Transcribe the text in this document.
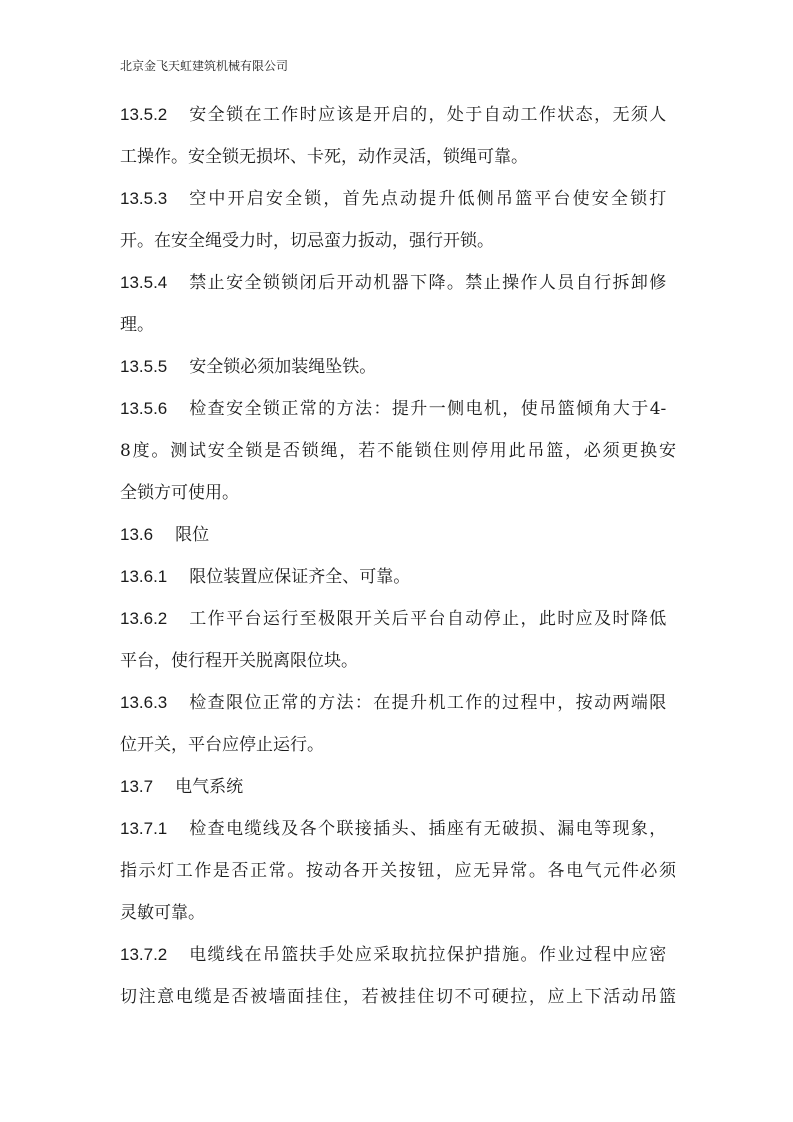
北京金飞天虹建筑机械有限公司
13.5.2 安全锁在工作时应该是开启的，处于自动工作状态，无须人
工操作。安全锁无损坏、卡死，动作灵活，锁绳可靠。
13.5.3 空中开启安全锁，首先点动提升低侧吊篮平台使安全锁打
开。在安全绳受力时，切忌蛮力扳动，强行开锁。
13.5.4 禁止安全锁锁闭后开动机器下降。禁止操作人员自行拆卸修
理。
13.5.5 安全锁必须加装绳坠铁。
13.5.6 检查安全锁正常的方法：提升一侧电机，使吊篮倾角大于4-
8度。测试安全锁是否锁绳，若不能锁住则停用此吊篮，必须更换安
全锁方可使用。
13.6 限位
13.6.1 限位装置应保证齐全、可靠。
13.6.2 工作平台运行至极限开关后平台自动停止，此时应及时降低
平台，使行程开关脱离限位块。
13.6.3 检查限位正常的方法：在提升机工作的过程中，按动两端限
位开关，平台应停止运行。
13.7 电气系统
13.7.1 检查电缆线及各个联接插头、插座有无破损、漏电等现象，
指示灯工作是否正常。按动各开关按钮，应无异常。各电气元件必须
灵敏可靠。
13.7.2 电缆线在吊篮扶手处应采取抗拉保护措施。作业过程中应密
切注意电缆是否被墙面挂住，若被挂住切不可硬拉，应上下活动吊篮
